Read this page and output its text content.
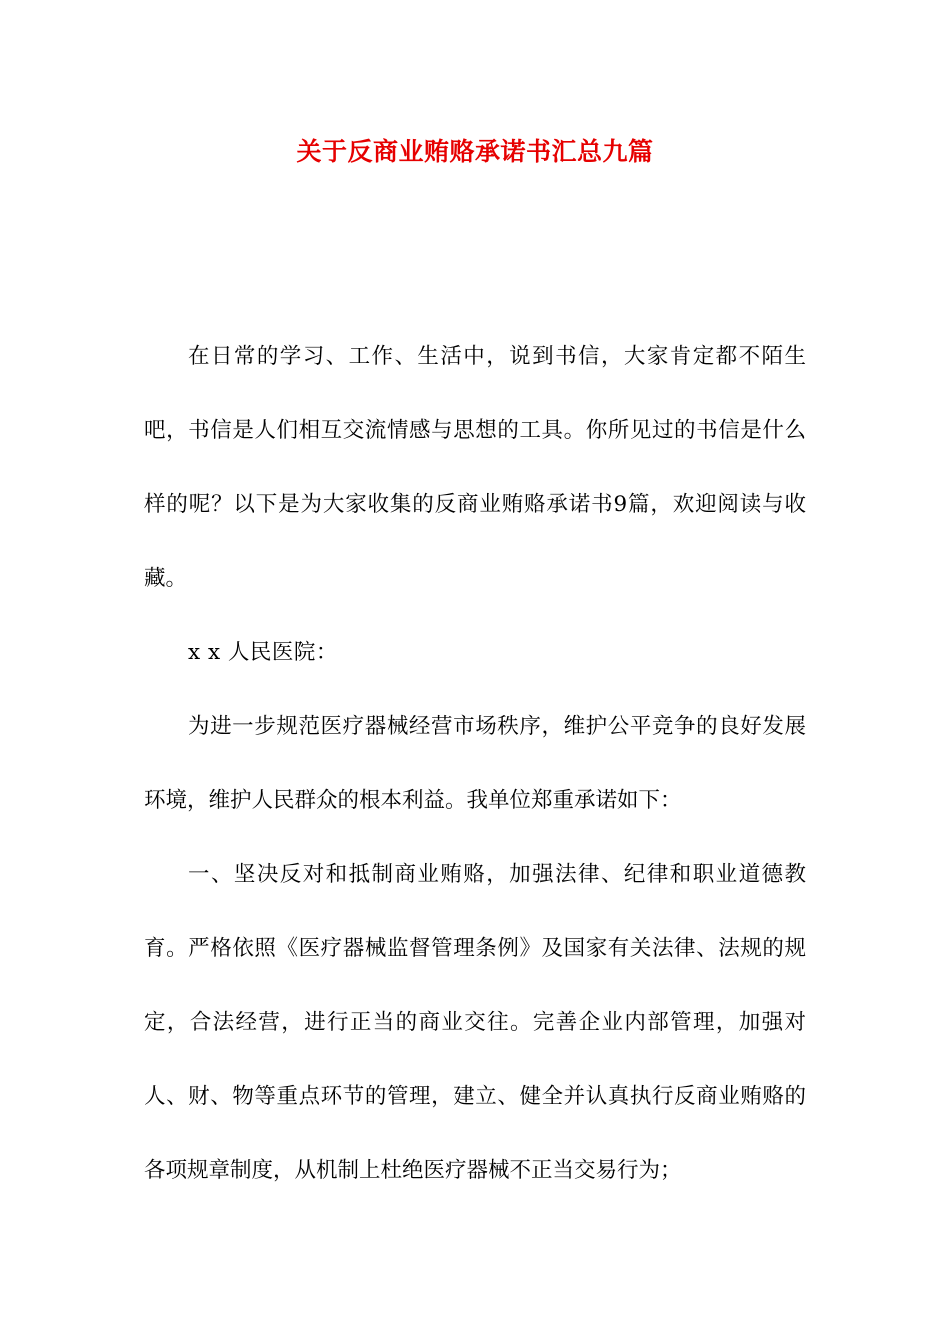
关于反商业贿赂承诺书汇总九篇

在日常的学习、工作、生活中，说到书信，大家肯定都不陌生吧，书信是人们相互交流情感与思想的工具。你所见过的书信是什么样的呢？以下是为大家收集的反商业贿赂承诺书9篇，欢迎阅读与收藏。

x x 人民医院：

为进一步规范医疗器械经营市场秩序，维护公平竞争的良好发展环境，维护人民群众的根本利益。我单位郑重承诺如下：

一、坚决反对和抵制商业贿赂，加强法律、纪律和职业道德教育。严格依照《医疗器械监督管理条例》及国家有关法律、法规的规定，合法经营，进行正当的商业交往。完善企业内部管理，加强对人、财、物等重点环节的管理，建立、健全并认真执行反商业贿赂的各项规章制度，从机制上杜绝医疗器械不正当交易行为；
